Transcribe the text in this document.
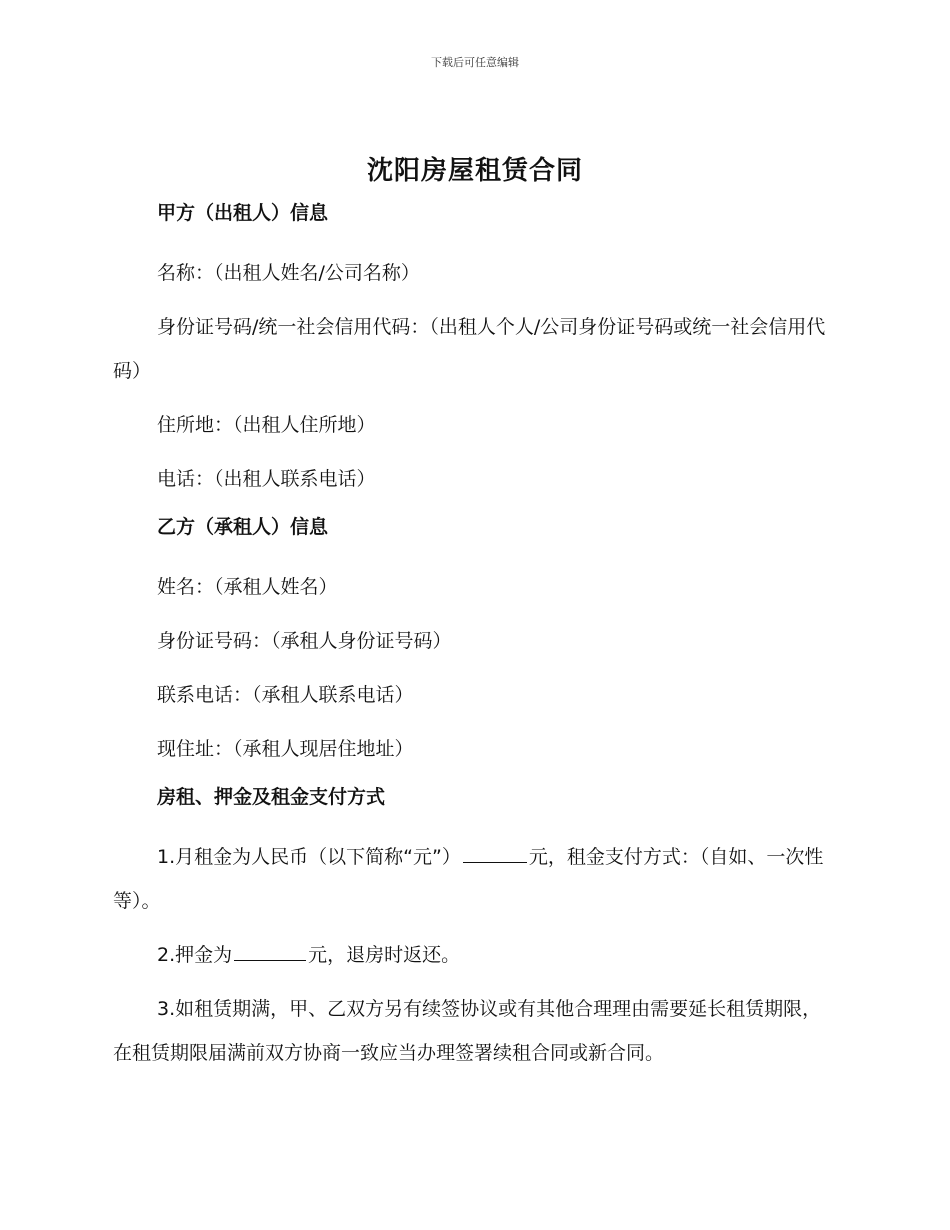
下载后可任意编辑
沈阳房屋租赁合同
甲方（出租人）信息
名称：（出租人姓名/公司名称）
身份证号码/统一社会信用代码：（出租人个人/公司身份证号码或统一社会信用代码）
住所地：（出租人住所地）
电话：（出租人联系电话）
乙方（承租人）信息
姓名：（承租人姓名）
身份证号码：（承租人身份证号码）
联系电话：（承租人联系电话）
现住址：（承租人现居住地址）
房租、押金及租金支付方式
1.月租金为人民币（以下简称“元”）	元，租金支付方式：（自如、一次性等）。
2.押金为	元，退房时返还。
3.如租赁期满，甲、乙双方另有续签协议或有其他合理理由需要延长租赁期限，在租赁期限届满前双方协商一致应当办理签署续租合同或新合同。
